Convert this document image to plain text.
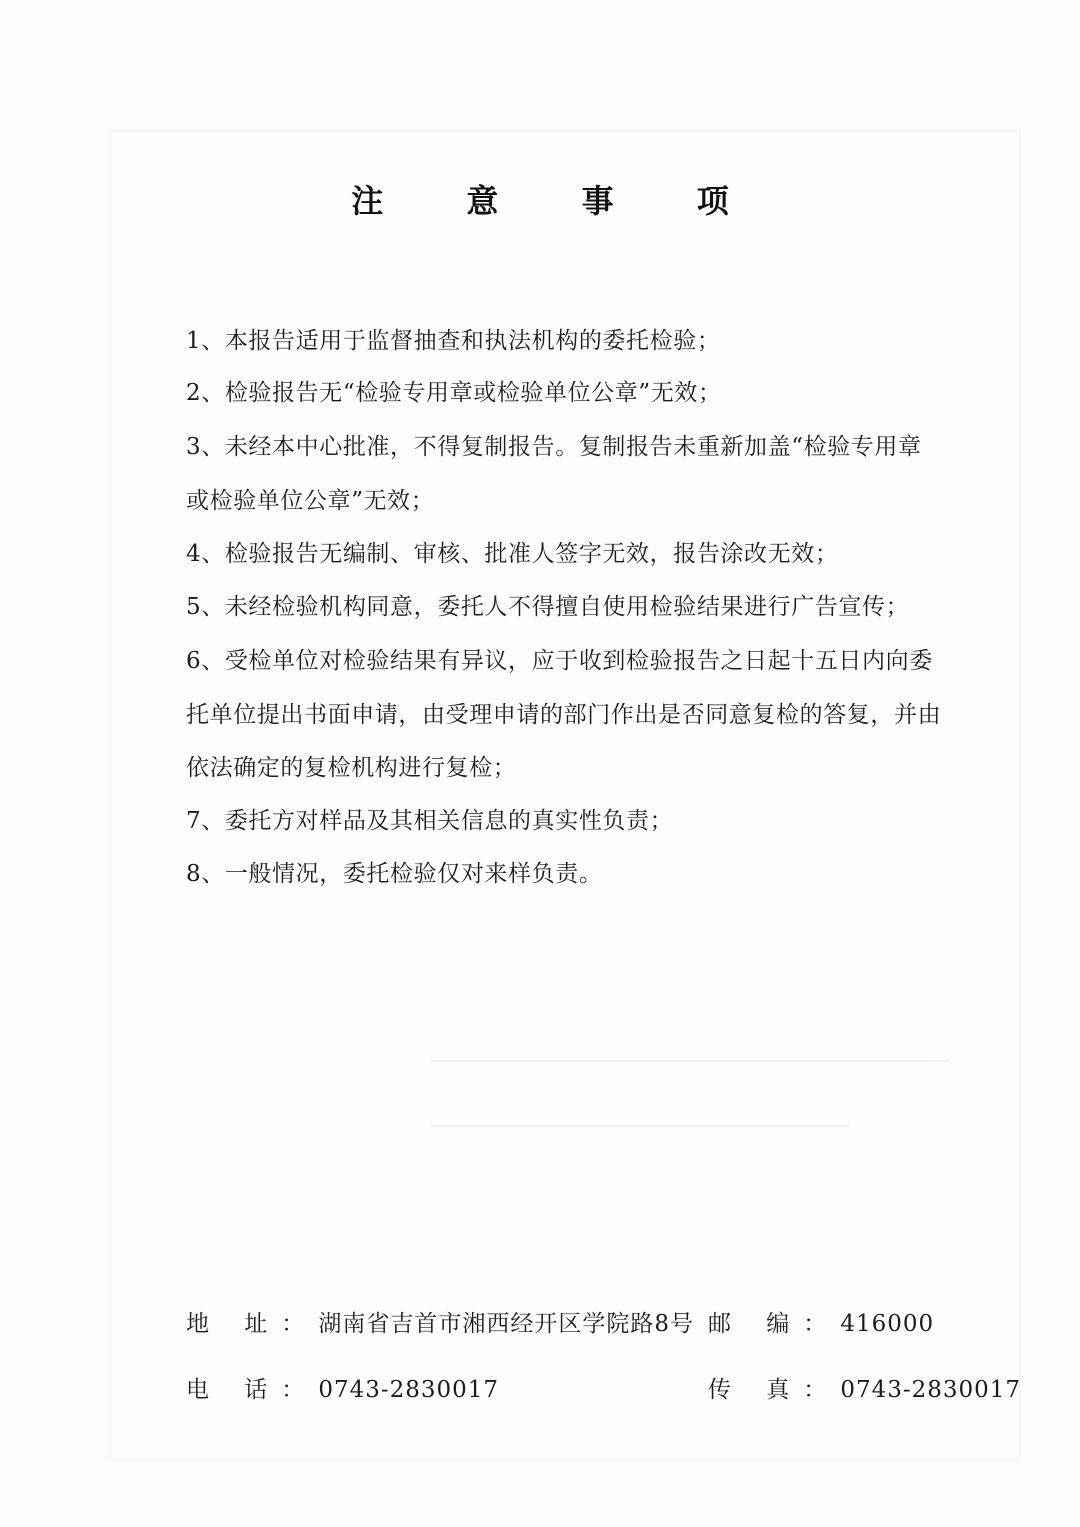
注 意 事 项
1、本报告适用于监督抽查和执法机构的委托检验；
2、检验报告无“检验专用章或检验单位公章”无效；
3、未经本中心批准，不得复制报告。复制报告未重新加盖“检验专用章
或检验单位公章”无效；
4、检验报告无编制、审核、批准人签字无效，报告涂改无效；
5、未经检验机构同意，委托人不得擅自使用检验结果进行广告宣传；
6、受检单位对检验结果有异议，应于收到检验报告之日起十五日内向委
托单位提出书面申请，由受理申请的部门作出是否同意复检的答复，并由
依法确定的复检机构进行复检；
7、委托方对样品及其相关信息的真实性负责；
8、一般情况，委托检验仅对来样负责。
地 址：湖南省吉首市湘西经开区学院路8号 邮 编：416000
电 话：0743-2830017	传 真：0743-2830017
